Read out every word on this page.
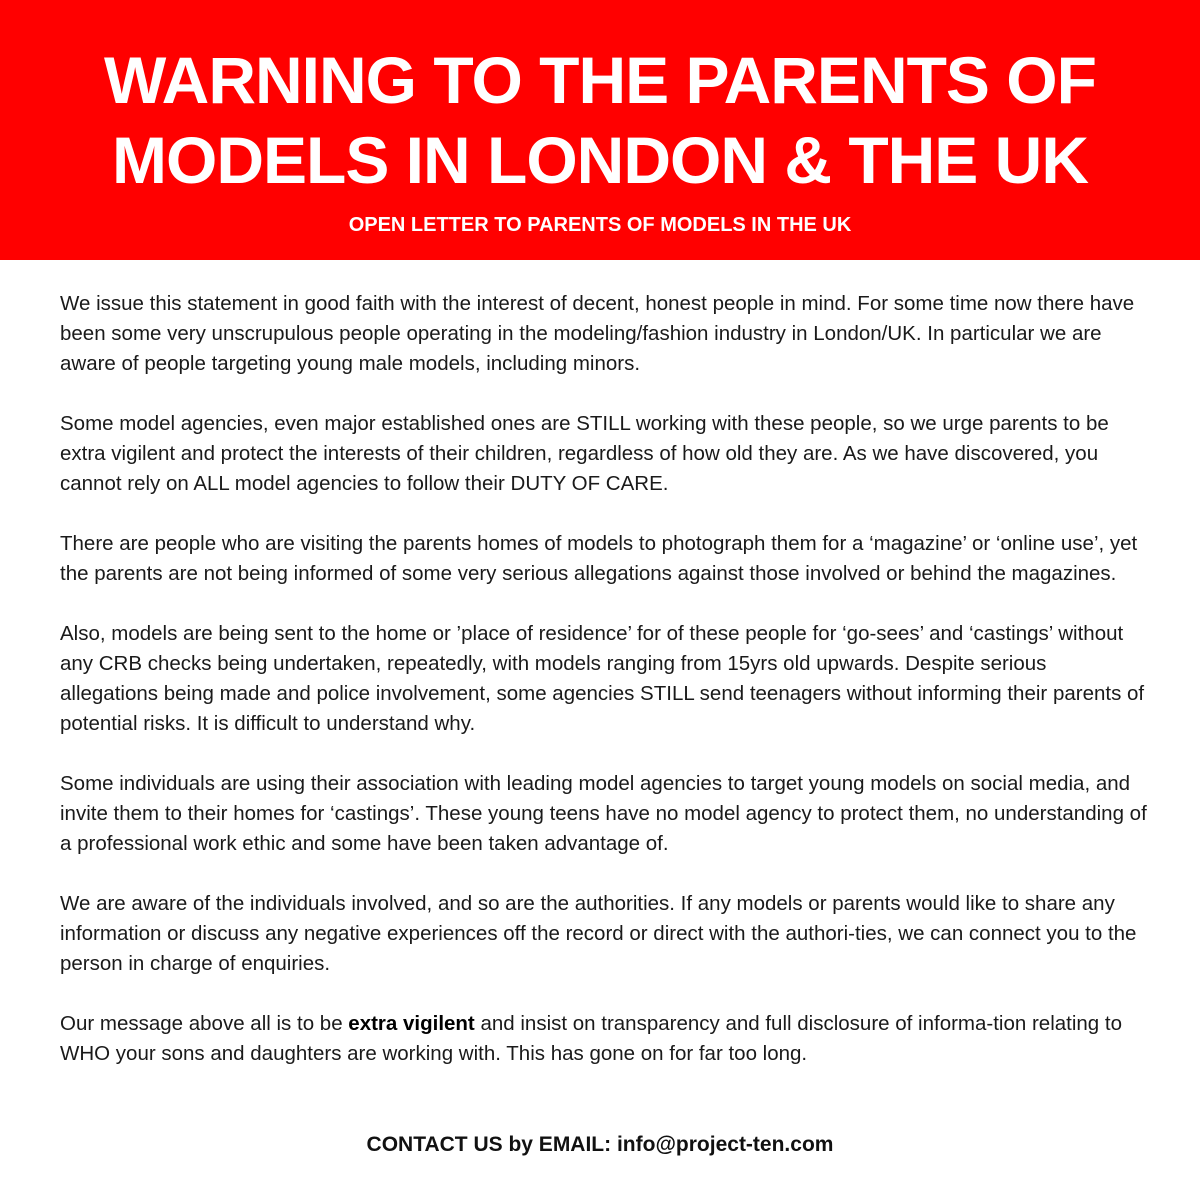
WARNING TO THE PARENTS OF
MODELS IN LONDON & THE UK
OPEN LETTER TO PARENTS OF MODELS IN THE UK

We issue this statement in good faith with the interest of decent, honest people in mind. For some time now there have been some very unscrupulous people operating in the modeling/fashion industry in London/UK. In particular we are aware of people targeting young male models, including minors.

Some model agencies, even major established ones are STILL working with these people, so we urge parents to be extra vigilent and protect the interests of their children, regardless of how old they are. As we have discovered, you cannot rely on ALL model agencies to follow their DUTY OF CARE.

There are people who are visiting the parents homes of models to photograph them for a ‘magazine’ or ‘online use’, yet the parents are not being informed of some very serious allegations against those involved or behind the magazines.

Also, models are being sent to the home or ’place of residence’ for of these people for ‘go-sees’ and ‘castings’ without any CRB checks being undertaken, repeatedly, with models ranging from 15yrs old upwards. Despite serious allegations being made and police involvement, some agencies STILL send teenagers without informing their parents of potential risks. It is difficult to understand why.

Some individuals are using their association with leading model agencies to target young models on social media, and invite them to their homes for ‘castings’. These young teens have no model agency to protect them, no understanding of a professional work ethic and some have been taken advantage of.

We are aware of the individuals involved, and so are the authorities. If any models or parents would like to share any information or discuss any negative experiences off the record or direct with the authori-ties, we can connect you to the person in charge of enquiries.

Our message above all is to be extra vigilent and insist on transparency and full disclosure of informa-tion relating to WHO your sons and daughters are working with. This has gone on for far too long.

CONTACT US by EMAIL: info@project-ten.com
